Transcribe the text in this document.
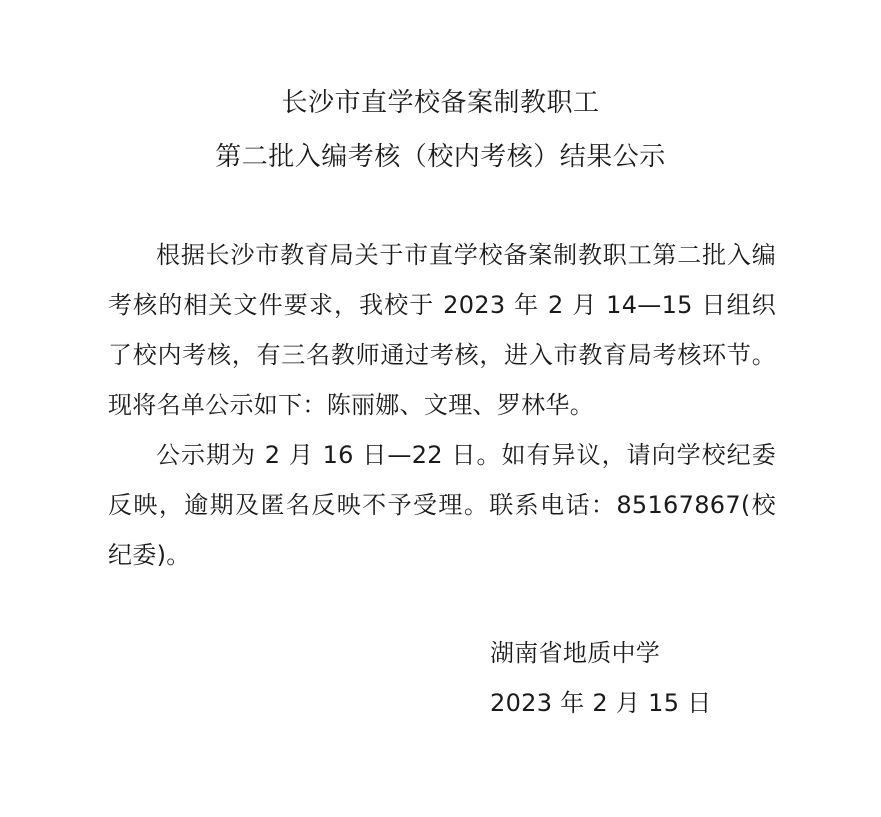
长沙市直学校备案制教职工
第二批入编考核（校内考核）结果公示

根据长沙市教育局关于市直学校备案制教职工第二批入编考核的相关文件要求，我校于 2023 年 2 月 14—15 日组织了校内考核，有三名教师通过考核，进入市教育局考核环节。现将名单公示如下：陈丽娜、文理、罗林华。

公示期为 2 月 16 日—22 日。如有异议，请向学校纪委反映，逾期及匿名反映不予受理。联系电话：85167867(校纪委)。

湖南省地质中学
2023 年 2 月 15 日
